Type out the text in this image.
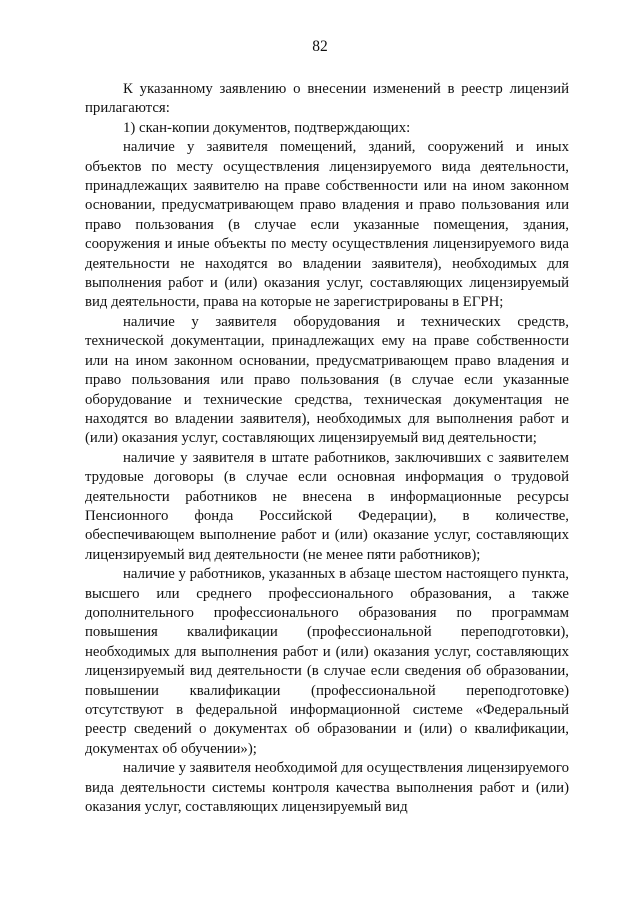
82

К указанному заявлению о внесении изменений в реестр лицензий прилагаются:

1) скан-копии документов, подтверждающих:

наличие у заявителя помещений, зданий, сооружений и иных объектов по месту осуществления лицензируемого вида деятельности, принадлежащих заявителю на праве собственности или на ином законном основании, предусматривающем право владения и право пользования или право пользования (в случае если указанные помещения, здания, сооружения и иные объекты по месту осуществления лицензируемого вида деятельности не находятся во владении заявителя), необходимых для выполнения работ и (или) оказания услуг, составляющих лицензируемый вид деятельности, права на которые не зарегистрированы в ЕГРН;

наличие у заявителя оборудования и технических средств, технической документации, принадлежащих ему на праве собственности или на ином законном основании, предусматривающем право владения и право пользования или право пользования (в случае если указанные оборудование и технические средства, техническая документация не находятся во владении заявителя), необходимых для выполнения работ и (или) оказания услуг, составляющих лицензируемый вид деятельности;

наличие у заявителя в штате работников, заключивших с заявителем трудовые договоры (в случае если основная информация о трудовой деятельности работников не внесена в информационные ресурсы Пенсионного фонда Российской Федерации), в количестве, обеспечивающем выполнение работ и (или) оказание услуг, составляющих лицензируемый вид деятельности (не менее пяти работников);

наличие у работников, указанных в абзаце шестом настоящего пункта, высшего или среднего профессионального образования, а также дополнительного профессионального образования по программам повышения квалификации (профессиональной переподготовки), необходимых для выполнения работ и (или) оказания услуг, составляющих лицензируемый вид деятельности (в случае если сведения об образовании, повышении квалификации (профессиональной переподготовке) отсутствуют в федеральной информационной системе «Федеральный реестр сведений о документах об образовании и (или) о квалификации, документах об обучении»);

наличие у заявителя необходимой для осуществления лицензируемого вида деятельности системы контроля качества выполнения работ и (или) оказания услуг, составляющих лицензируемый вид
